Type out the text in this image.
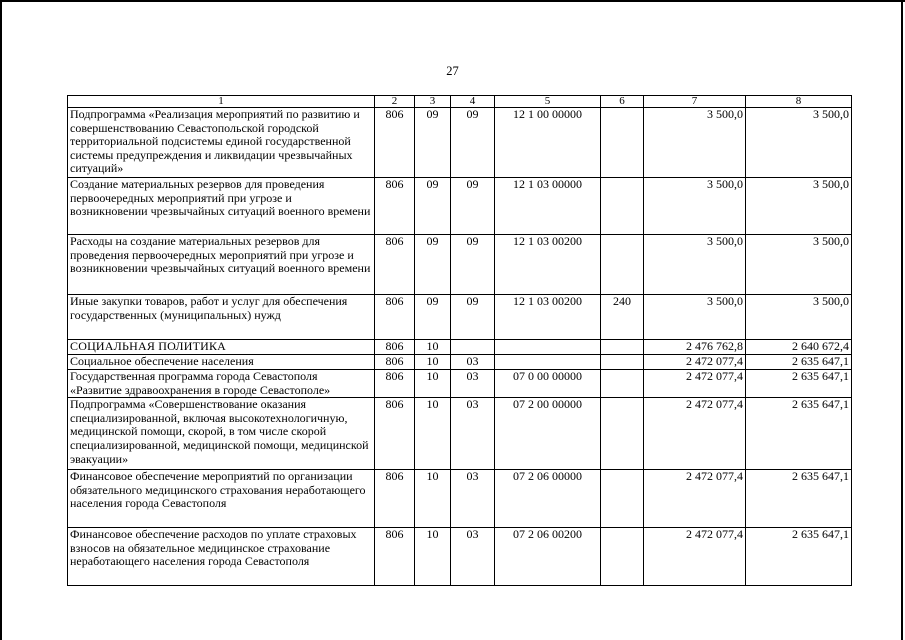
27
1	2	3	4	5	6	7	8
Подпрограмма «Реализация мероприятий по развитию и совершенствованию Севастопольской городской территориальной подсистемы единой государственной системы предупреждения и ликвидации чрезвычайных ситуаций»	806	09	09	12 1 00 00000		3 500,0	3 500,0
Создание материальных резервов для проведения первоочередных мероприятий при угрозе и возникновении чрезвычайных ситуаций военного времени	806	09	09	12 1 03 00000		3 500,0	3 500,0
Расходы на создание материальных резервов для проведения первоочередных мероприятий при угрозе и возникновении чрезвычайных ситуаций военного времени	806	09	09	12 1 03 00200		3 500,0	3 500,0
Иные закупки товаров, работ и услуг для обеспечения государственных (муниципальных) нужд	806	09	09	12 1 03 00200	240	3 500,0	3 500,0
СОЦИАЛЬНАЯ ПОЛИТИКА	806	10				2 476 762,8	2 640 672,4
Социальное обеспечение населения	806	10	03			2 472 077,4	2 635 647,1
Государственная программа города Севастополя «Развитие здравоохранения в городе Севастополе»	806	10	03	07 0 00 00000		2 472 077,4	2 635 647,1
Подпрограмма «Совершенствование оказания специализированной, включая высокотехнологичную, медицинской помощи, скорой, в том числе скорой специализированной, медицинской помощи, медицинской эвакуации»	806	10	03	07 2 00 00000		2 472 077,4	2 635 647,1
Финансовое обеспечение мероприятий по организации обязательного медицинского страхования неработающего населения города Севастополя	806	10	03	07 2 06 00000		2 472 077,4	2 635 647,1
Финансовое обеспечение расходов по уплате страховых взносов на обязательное медицинское страхование неработающего населения города Севастополя	806	10	03	07 2 06 00200		2 472 077,4	2 635 647,1
